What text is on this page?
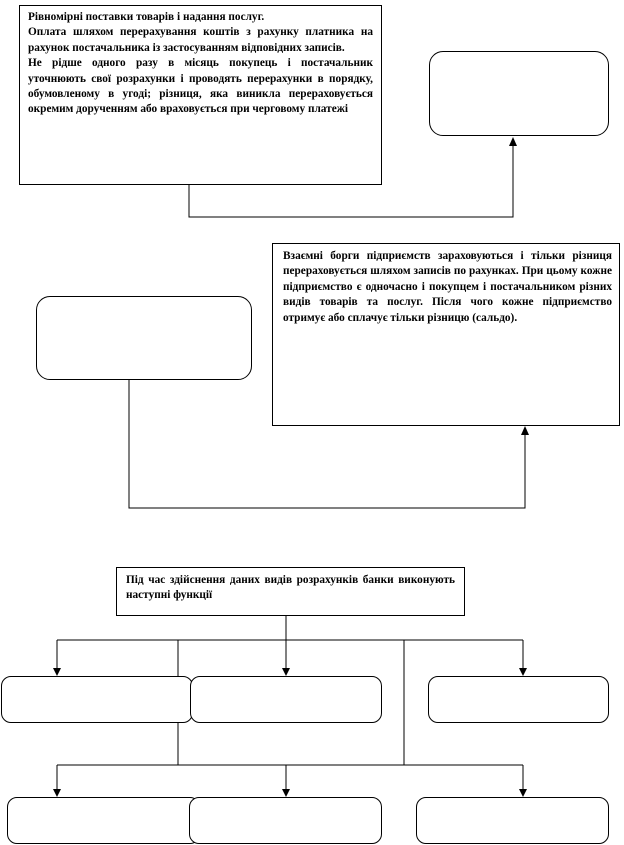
Рівномірні поставки товарів і надання послуг.

Оплата шляхом перерахування коштів з рахунку платника на рахунок постачальника із застосуванням відповідних записів.

Не рідше одного разу в місяць покупець і постачальник уточнюють свої розрахунки і проводять перерахунки в порядку, обумовленому в угоді; різниця, яка виникла перераховується окремим дорученням або враховується при черговому платежі

Взаємні борги підприємств зараховуються і тільки різниця перераховується шляхом записів по рахунках. При цьому кожне підприємство є одночасно і покупцем і постачальником різних видів товарів та послуг. Після чого кожне підприємство отримує або сплачує тільки різницю (сальдо).
Під час здійснення даних видів розрахунків банки виконують наступні функції
